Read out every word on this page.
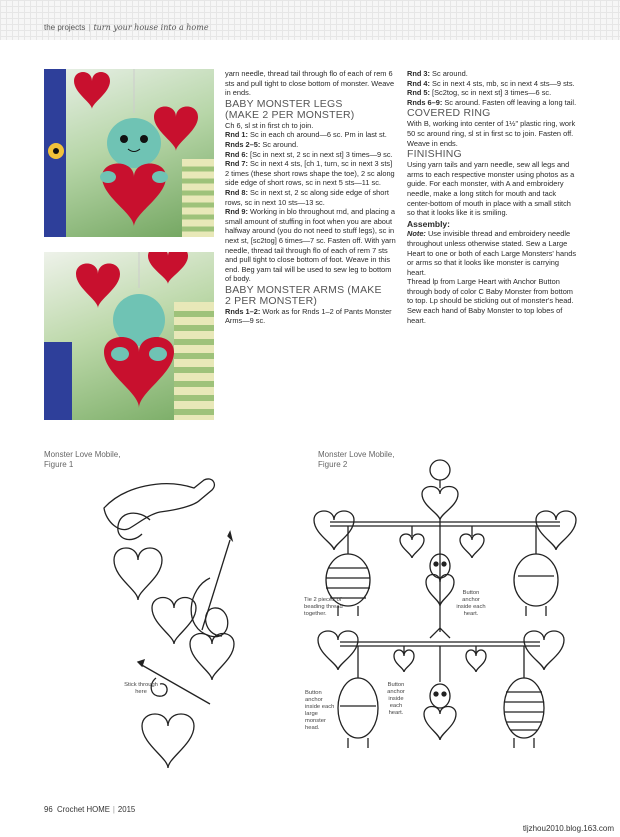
the projects | turn your house into a home

yarn needle, thread tail through flo of each of rem 6 sts and pull tight to close bottom of monster. Weave in ends.

BABY MONSTER LEGS
(MAKE 2 PER MONSTER)

Ch 6, sl st in first ch to join.

Rnd 1: Sc in each ch around—6 sc. Pm in last st.

Rnds 2–5: Sc around.

Rnd 6: [Sc in next st, 2 sc in next st] 3 times—9 sc.

Rnd 7: Sc in next 4 sts, [ch 1, turn, sc in next 3 sts] 2 times (these short rows shape the toe), 2 sc along side edge of short rows, sc in next 5 sts—11 sc.

Rnd 8: Sc in next st, 2 sc along side edge of short rows, sc in next 10 sts—13 sc.

Rnd 9: Working in blo throughout rnd, and placing a small amount of stuffing in foot when you are about halfway around (you do not need to stuff legs), sc in next st, [sc2tog] 6 times—7 sc. Fasten off. With yarn needle, thread tail through flo of each of rem 7 sts and pull tight to close bottom of foot. Weave in this end. Beg yarn tail will be used to sew leg to bottom of body.

BABY MONSTER ARMS (MAKE
2 PER MONSTER)

Rnds 1–2: Work as for Rnds 1–2 of Pants Monster Arms—9 sc.

Rnd 3: Sc around.

Rnd 4: Sc in next 4 sts, mb, sc in next 4 sts—9 sts.

Rnd 5: [Sc2tog, sc in next st] 3 times—6 sc.

Rnds 6–9: Sc around. Fasten off leaving a long tail.

COVERED RING

With B, working into center of 1½" plastic ring, work 50 sc around ring, sl st in first sc to join. Fasten off. Weave in ends.

FINISHING

Using yarn tails and yarn needle, sew all legs and arms to each respective monster using photos as a guide. For each monster, with A and embroidery needle, make a long stitch for mouth and tack center-bottom of mouth in place with a small stitch so that it looks like it is smiling.

Assembly:

Note: Use invisible thread and embroidery needle throughout unless otherwise stated. Sew a Large Heart to one or both of each Large Monsters' hands or arms so that it looks like monster is carrying heart.

Thread lp from Large Heart with Anchor Button through body of color C Baby Monster from bottom to top. Lp should be sticking out of monster's head. Sew each hand of Baby Monster to top lobes of heart.

Monster Love Mobile,
Figure 1
Stick through here
Monster Love Mobile,
Figure 2
Tie 2 pieces of beading thread together.
Button anchor inside each heart.
Button anchor inside each large monster head.
Button anchor inside each heart.
96 Crochet HOME | 2015
tljzhou2010.blog.163.com
